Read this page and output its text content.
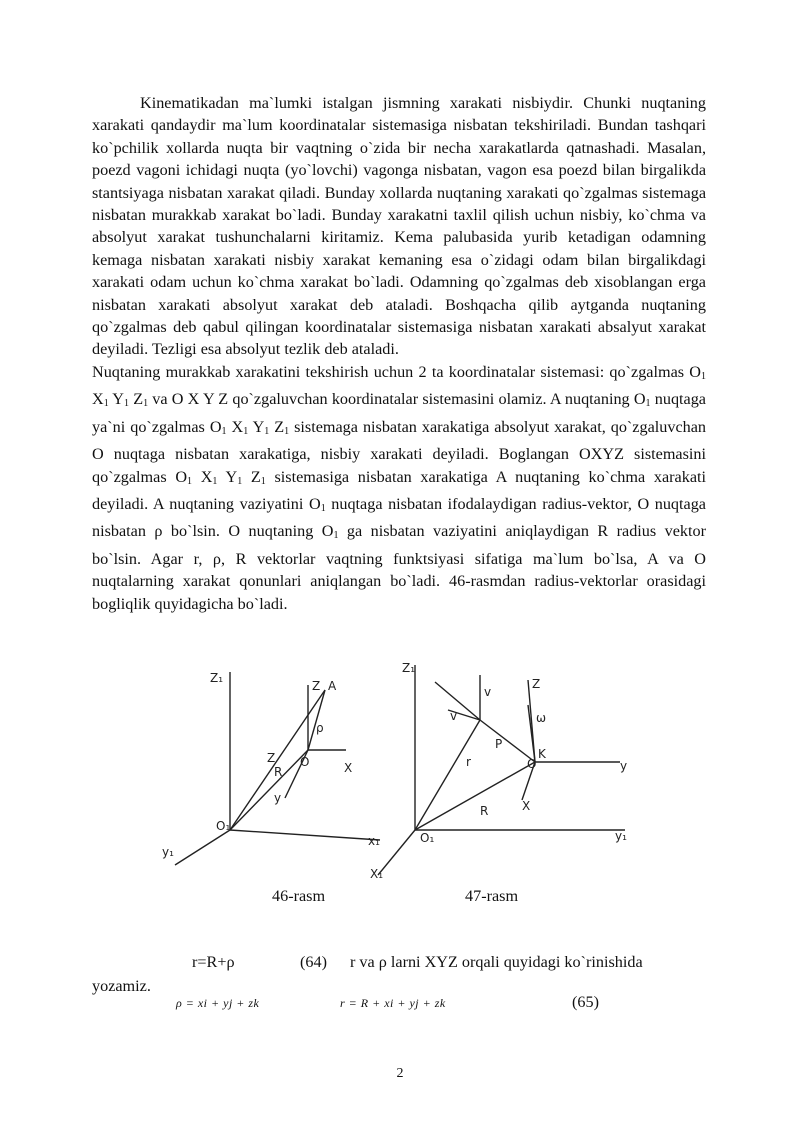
Kinematikadan ma`lumki istalgan jismning xarakati nisbiydir. Chunki nuqtaning xarakati qandaydir ma`lum koordinatalar sistemasiga nisbatan tekshiriladi. Bundan tashqari ko`pchilik xollarda nuqta bir vaqtning o`zida bir necha xarakatlarda qatnashadi. Masalan, poezd vagoni ichidagi nuqta (yo`lovchi) vagonga nisbatan, vagon esa poezd bilan birgalikda stantsiyaga nisbatan xarakat qiladi. Bunday xollarda nuqtaning xarakati qo`zgalmas sistemaga nisbatan murakkab xarakat bo`ladi. Bunday xarakatni taxlil qilish uchun nisbiy, ko`chma va absolyut xarakat tushunchalarni kiritamiz. Kema palubasida yurib ketadigan odamning kemaga nisbatan xarakati nisbiy xarakat kemaning esa o`zidagi odam bilan birgalikdagi xarakati odam uchun ko`chma xarakat bo`ladi. Odamning qo`zgalmas deb xisoblangan erga nisbatan xarakati absolyut xarakat deb ataladi. Boshqacha qilib aytganda nuqtaning qo`zgalmas deb qabul qilingan koordinatalar sistemasiga nisbatan xarakati absalyut xarakat deyiladi. Tezligi esa absolyut tezlik deb ataladi.

Nuqtaning murakkab xarakatini tekshirish uchun 2 ta koordinatalar sistemasi: qo`zgalmas $O_1$ $X_1$ $Y_1$ $Z_1$ va O X Y Z qo`zgaluvchan koordinatalar sistemasini olamiz. A nuqtaning $O_1$ nuqtaga ya`ni qo`zgalmas $O_1$ $X_1$ $Y_1$ $Z_1$ sistemaga nisbatan xarakatiga absolyut xarakat, qo`zgaluvchan O nuqtaga nisbatan xarakatiga, nisbiy xarakati deyiladi. Boglangan OXYZ sistemasini qo`zgalmas $O_1$ $X_1$ $Y_1$ $Z_1$ sistemasiga nisbatan xarakatiga A nuqtaning ko`chma xarakati deyiladi. A nuqtaning vaziyatini $O_1$ nuqtaga nisbatan ifodalaydigan radius-vektor, O nuqtaga nisbatan ρ bo`lsin. O nuqtaning $O_1$ ga nisbatan vaziyatini aniqlaydigan R radius vektor bo`lsin. Agar r, ρ, R vektorlar vaqtning funktsiyasi sifatiga ma`lum bo`lsa, A va O nuqtalarning xarakat qonunlari aniqlangan bo`ladi. 46-rasmdan radius-vektorlar orasidagi bogliqlik quyidagicha bo`ladi.

Z₁
Z A
ρ
Z
R
O	X
y
O₁
y₁
x₁
Z₁
Z
ω
P
K
O	y
r
R	X
O₁	y₁
X₁
v
v
46-rasm	47-rasm
r=R+ρ	(64) r va ρ larni XYZ orqali quyidagi ko`rinishida
yozamiz.
ρ = xi + yj + zk	r = R + xi + yj + zk	(65)
2
